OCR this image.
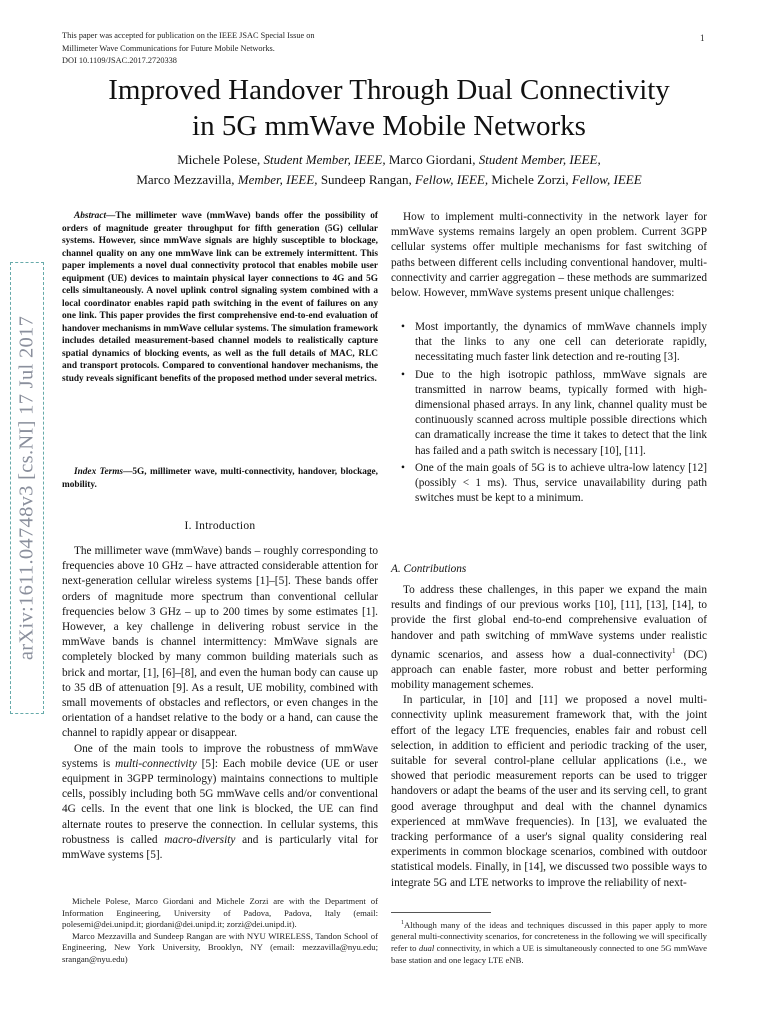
This paper was accepted for publication on the IEEE JSAC Special Issue on
Millimeter Wave Communications for Future Mobile Networks.
DOI 10.1109/JSAC.2017.2720338
1
arXiv:1611.04748v3 [cs.NI] 17 Jul 2017
Improved Handover Through Dual Connectivity
in 5G mmWave Mobile Networks
Michele Polese, Student Member, IEEE, Marco Giordani, Student Member, IEEE,
Marco Mezzavilla, Member, IEEE, Sundeep Rangan, Fellow, IEEE, Michele Zorzi, Fellow, IEEE
Abstract—The millimeter wave (mmWave) bands offer the possibility of orders of magnitude greater throughput for fifth generation (5G) cellular systems. However, since mmWave signals are highly susceptible to blockage, channel quality on any one mmWave link can be extremely intermittent. This paper implements a novel dual connectivity protocol that enables mobile user equipment (UE) devices to maintain physical layer connections to 4G and 5G cells simultaneously. A novel uplink control signaling system combined with a local coordinator enables rapid path switching in the event of failures on any one link. This paper provides the first comprehensive end-to-end evaluation of handover mechanisms in mmWave cellular systems. The simulation framework includes detailed measurement-based channel models to realistically capture spatial dynamics of blocking events, as well as the full details of MAC, RLC and transport protocols. Compared to conventional handover mechanisms, the study reveals significant benefits of the proposed method under several metrics.
Index Terms—5G, millimeter wave, multi-connectivity, handover, blockage, mobility.
I. Introduction

The millimeter wave (mmWave) bands – roughly corresponding to frequencies above 10 GHz – have attracted considerable attention for next-generation cellular wireless systems [1]–[5]. These bands offer orders of magnitude more spectrum than conventional cellular frequencies below 3 GHz – up to 200 times by some estimates [1]. However, a key challenge in delivering robust service in the mmWave bands is channel intermittency: MmWave signals are completely blocked by many common building materials such as brick and mortar, [1], [6]–[8], and even the human body can cause up to 35 dB of attenuation [9]. As a result, UE mobility, combined with small movements of obstacles and reflectors, or even changes in the orientation of a handset relative to the body or a hand, can cause the channel to rapidly appear or disappear.

One of the main tools to improve the robustness of mmWave systems is multi-connectivity [5]: Each mobile device (UE or user equipment in 3GPP terminology) maintains connections to multiple cells, possibly including both 5G mmWave cells and/or conventional 4G cells. In the event that one link is blocked, the UE can find alternate routes to preserve the connection. In cellular systems, this robustness is called macro-diversity and is particularly vital for mmWave systems [5].

Michele Polese, Marco Giordani and Michele Zorzi are with the Department of Information Engineering, University of Padova, Padova, Italy (email: polesemi@dei.unipd.it; giordani@dei.unipd.it; zorzi@dei.unipd.it).

Marco Mezzavilla and Sundeep Rangan are with NYU WIRELESS, Tandon School of Engineering, New York University, Brooklyn, NY (email: mezzavilla@nyu.edu; srangan@nyu.edu)

How to implement multi-connectivity in the network layer for mmWave systems remains largely an open problem. Current 3GPP cellular systems offer multiple mechanisms for fast switching of paths between different cells including conventional handover, multi-connectivity and carrier aggregation – these methods are summarized below. However, mmWave systems present unique challenges:

• Most importantly, the dynamics of mmWave channels imply that the links to any one cell can deteriorate rapidly, necessitating much faster link detection and re-routing [3].
• Due to the high isotropic pathloss, mmWave signals are transmitted in narrow beams, typically formed with high-dimensional phased arrays. In any link, channel quality must be continuously scanned across multiple possible directions which can dramatically increase the time it takes to detect that the link has failed and a path switch is necessary [10], [11].
• One of the main goals of 5G is to achieve ultra-low latency [12] (possibly < 1 ms). Thus, service unavailability during path switches must be kept to a minimum.
A. Contributions

To address these challenges, in this paper we expand the main results and findings of our previous works [10], [11], [13], [14], to provide the first global end-to-end comprehensive evaluation of handover and path switching of mmWave systems under realistic dynamic scenarios, and assess how a dual-connectivity$^1$ (DC) approach can enable faster, more robust and better performing mobility management schemes.

In particular, in [10] and [11] we proposed a novel multi-connectivity uplink measurement framework that, with the joint effort of the legacy LTE frequencies, enables fair and robust cell selection, in addition to efficient and periodic tracking of the user, suitable for several control-plane cellular applications (i.e., we showed that periodic measurement reports can be used to trigger handovers or adapt the beams of the user and its serving cell, to grant good average throughput and deal with the channel dynamics experienced at mmWave frequencies). In [13], we evaluated the tracking performance of a user's signal quality considering real experiments in common blockage scenarios, combined with outdoor statistical models. Finally, in [14], we discussed two possible ways to integrate 5G and LTE networks to improve the reliability of next-

$^1$Although many of the ideas and techniques discussed in this paper apply to more general multi-connectivity scenarios, for concreteness in the following we will specifically refer to dual connectivity, in which a UE is simultaneously connected to one 5G mmWave base station and one legacy LTE eNB.
